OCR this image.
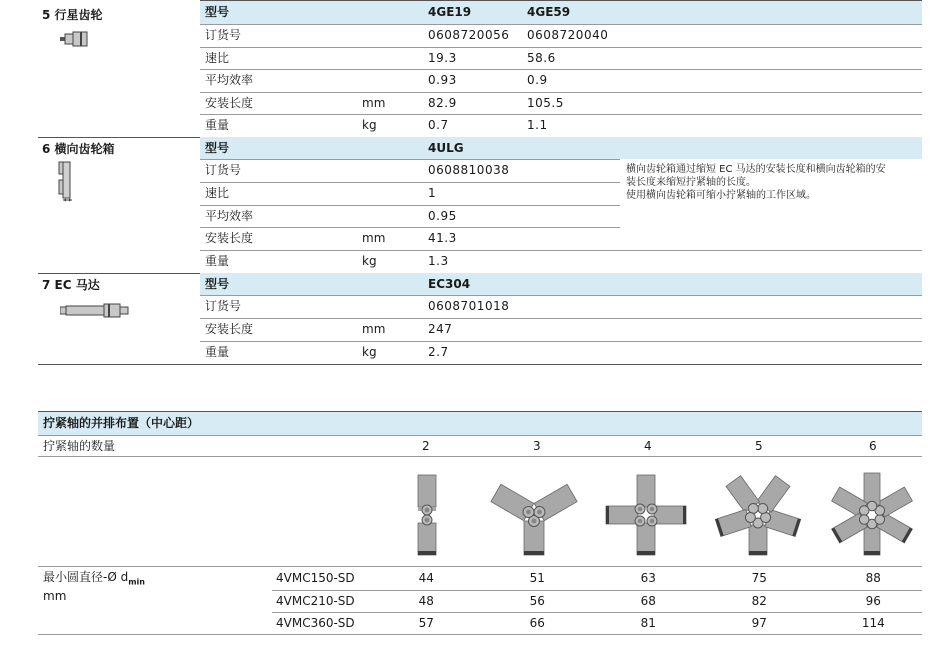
5 行星齿轮	型号	4GE19	4GE59
订货号	0608720056 0608720040
速比	19.3	58.6
平均效率	0.93	0.9
安装长度	mm	82.9	105.5
重量	kg	0.7	1.1
6 横向齿轮箱	型号	4ULG
横向齿轮箱通过缩短 EC 马达的安装长度和横向齿轮箱的安
装长度来缩短拧紧轴的长度。
使用横向齿轮箱可缩小拧紧轴的工作区域。
订货号	0608810038
速比	1
平均效率	0.95
安装长度	mm	41.3
重量	kg	1.3
7 EC 马达	型号	EC304
订货号	0608701018
安装长度	mm	247
重量	kg	2.7
拧紧轴的并排布置（中心距）
拧紧轴的数量	2	3	4	5	6
最小圆直径-Ø $d_{min}$
mm
4VMC150-SD	44	51	63	75	88
4VMC210-SD	48	56	68	82	96
4VMC360-SD	57	66	81	97	114
